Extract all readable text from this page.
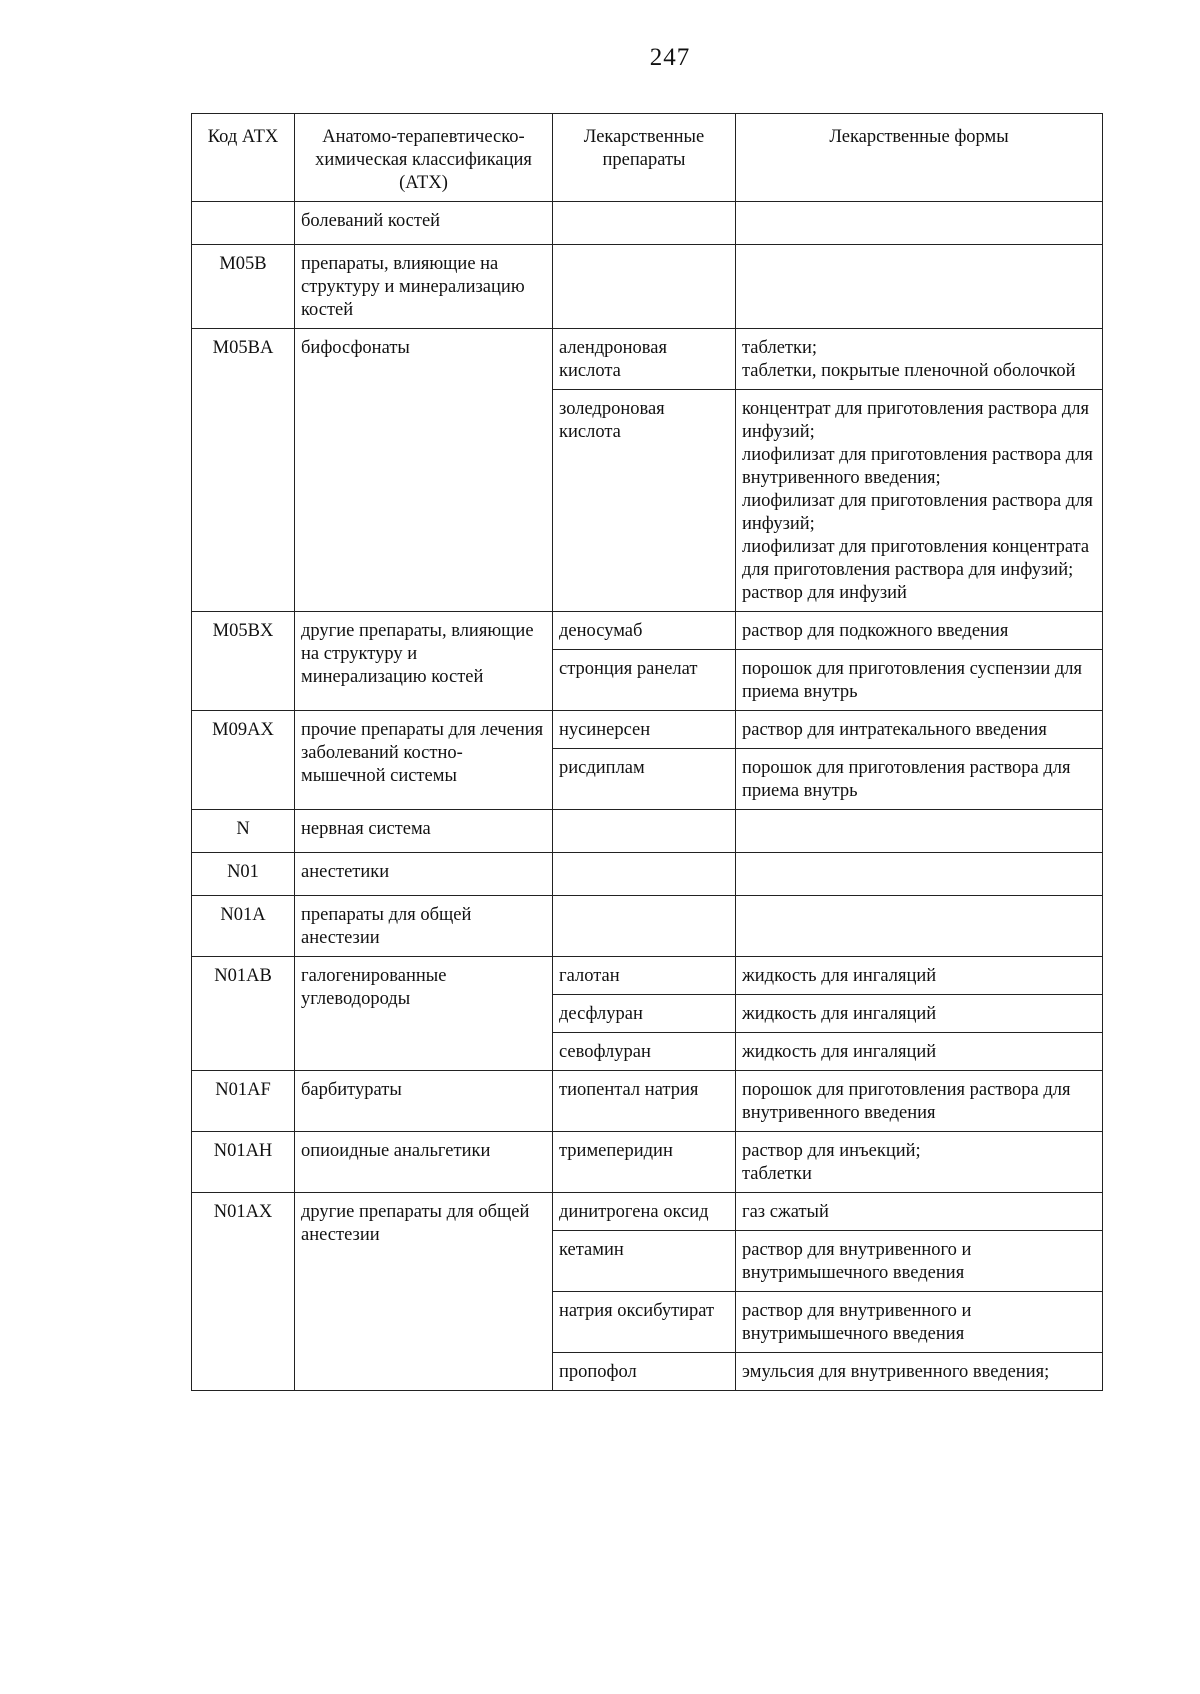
247
Код АТХ	Анатомо-терапевтическо-химическая классификация (АТХ)	Лекарственные препараты	Лекарственные формы
	болеваний костей		
M05B	препараты, влияющие на структуру и минерализацию костей		
M05BA	бифосфонаты	алендроновая кислота	таблетки;
таблетки, покрытые пленочной оболочкой
		золедроновая кислота	концентрат для приготовления раствора для инфузий;
лиофилизат для приготовления раствора для внутривенного введения;
лиофилизат для приготовления раствора для инфузий;
лиофилизат для приготовления концентрата для приготовления раствора для инфузий;
раствор для инфузий
M05BX	другие препараты, влияющие на структуру и минерализацию костей	деносумаб	раствор для подкожного введения
		стронция ранелат	порошок для приготовления суспензии для приема внутрь
M09AX	прочие препараты для лечения заболеваний костно-мышечной системы	нусинерсен	раствор для интратекального введения
		рисдиплам	порошок для приготовления раствора для приема внутрь
N	нервная система		
N01	анестетики		
N01A	препараты для общей анестезии		
N01AB	галогенированные углеводороды	галотан	жидкость для ингаляций
		десфлуран	жидкость для ингаляций
		севофлуран	жидкость для ингаляций
N01AF	барбитураты	тиопентал натрия	порошок для приготовления раствора для внутривенного введения
N01AH	опиоидные анальгетики	тримеперидин	раствор для инъекций;
таблетки
N01AX	другие препараты для общей анестезии	динитрогена оксид	газ сжатый
		кетамин	раствор для внутривенного и внутримышечного введения
		натрия оксибутират	раствор для внутривенного и внутримышечного введения
		пропофол	эмульсия для внутривенного введения;
